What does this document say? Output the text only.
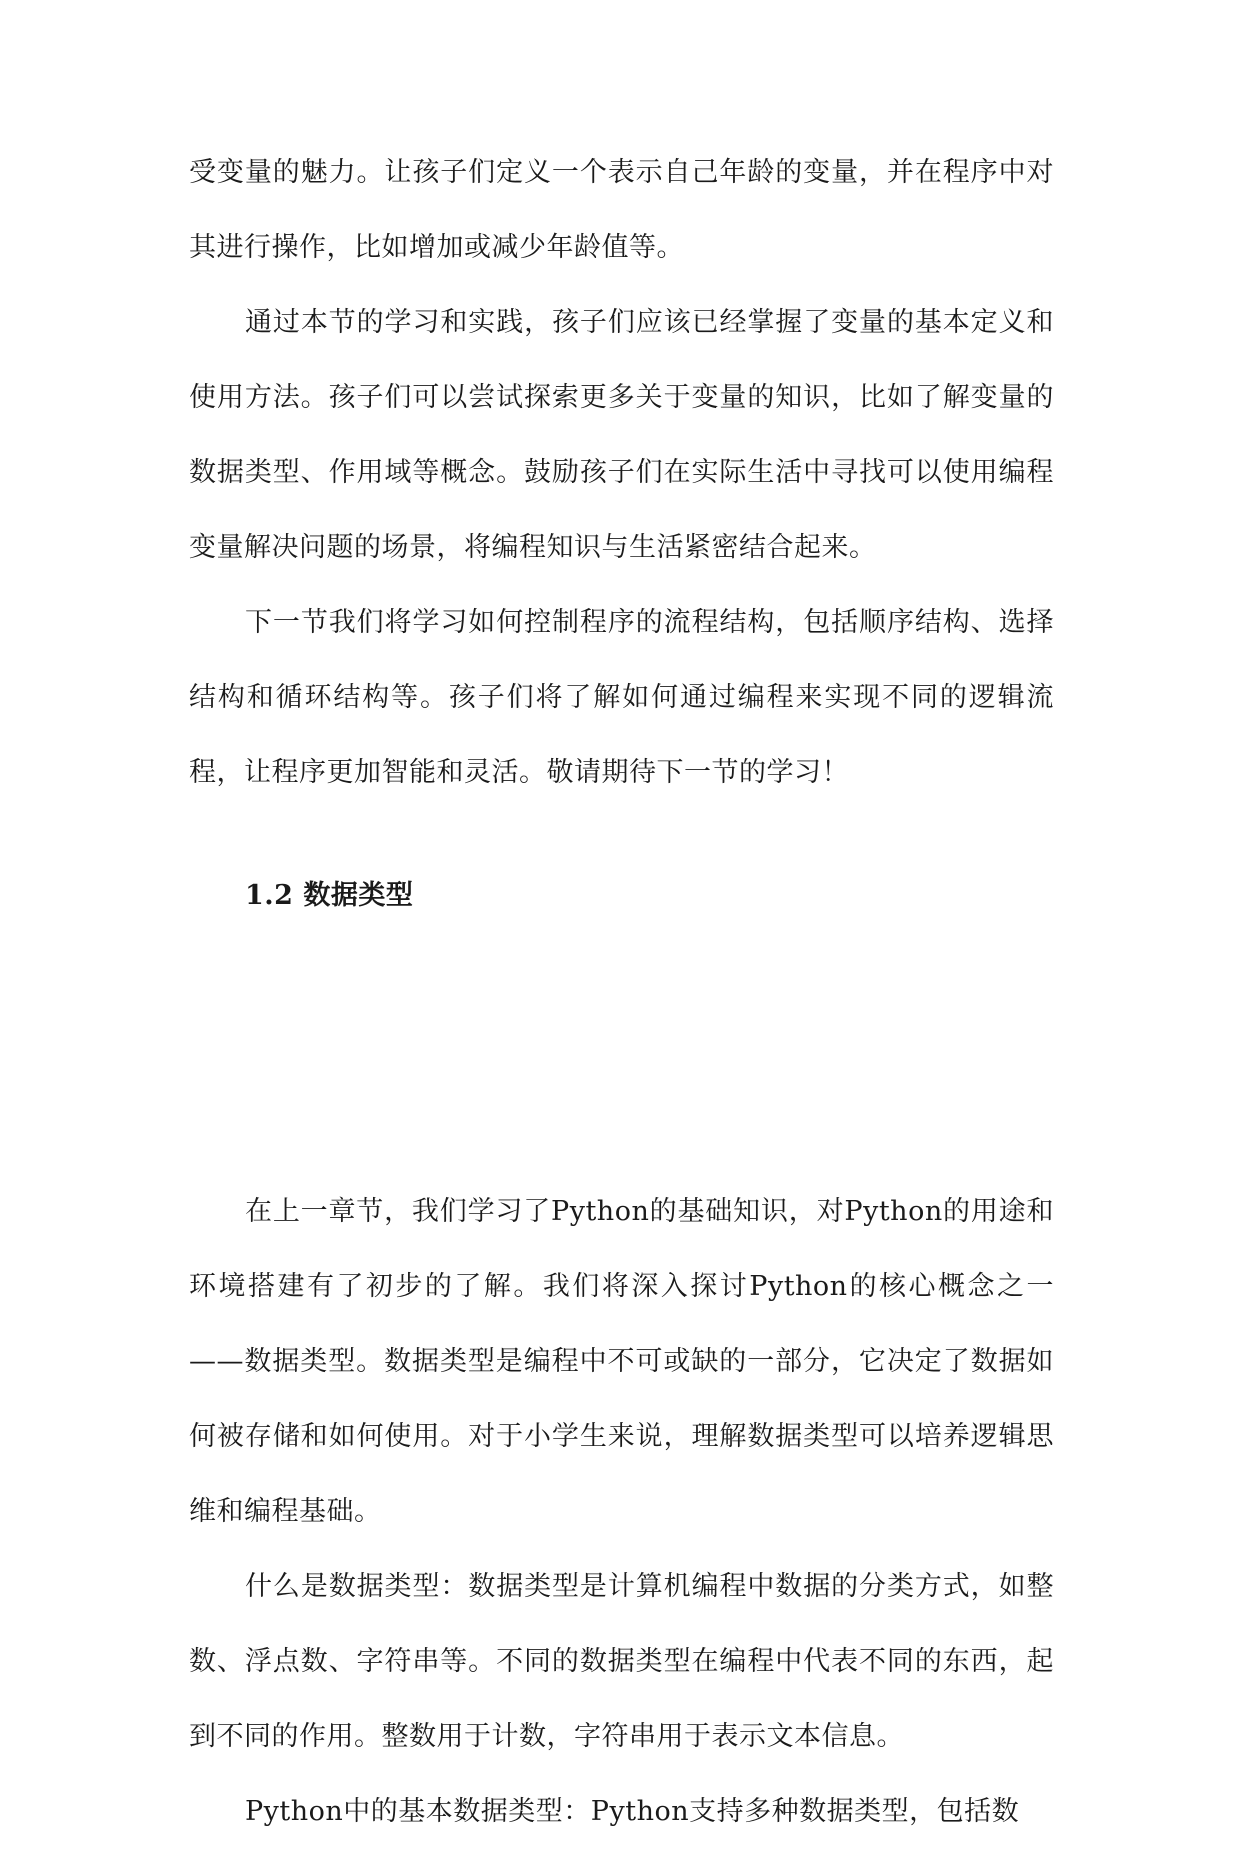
受变量的魅力。让孩子们定义一个表示自己年龄的变量，并在程序中对其进行操作，比如增加或减少年龄值等。

通过本节的学习和实践，孩子们应该已经掌握了变量的基本定义和使用方法。孩子们可以尝试探索更多关于变量的知识，比如了解变量的数据类型、作用域等概念。鼓励孩子们在实际生活中寻找可以使用编程变量解决问题的场景，将编程知识与生活紧密结合起来。

下一节我们将学习如何控制程序的流程结构，包括顺序结构、选择结构和循环结构等。孩子们将了解如何通过编程来实现不同的逻辑流程，让程序更加智能和灵活。敬请期待下一节的学习！

1.2 数据类型

在上一章节，我们学习了Python的基础知识，对Python的用途和环境搭建有了初步的了解。我们将深入探讨Python的核心概念之一——数据类型。数据类型是编程中不可或缺的一部分，它决定了数据如何被存储和如何使用。对于小学生来说，理解数据类型可以培养逻辑思维和编程基础。

什么是数据类型：数据类型是计算机编程中数据的分类方式，如整数、浮点数、字符串等。不同的数据类型在编程中代表不同的东西，起到不同的作用。整数用于计数，字符串用于表示文本信息。

Python中的基本数据类型：Python支持多种数据类型，包括数
